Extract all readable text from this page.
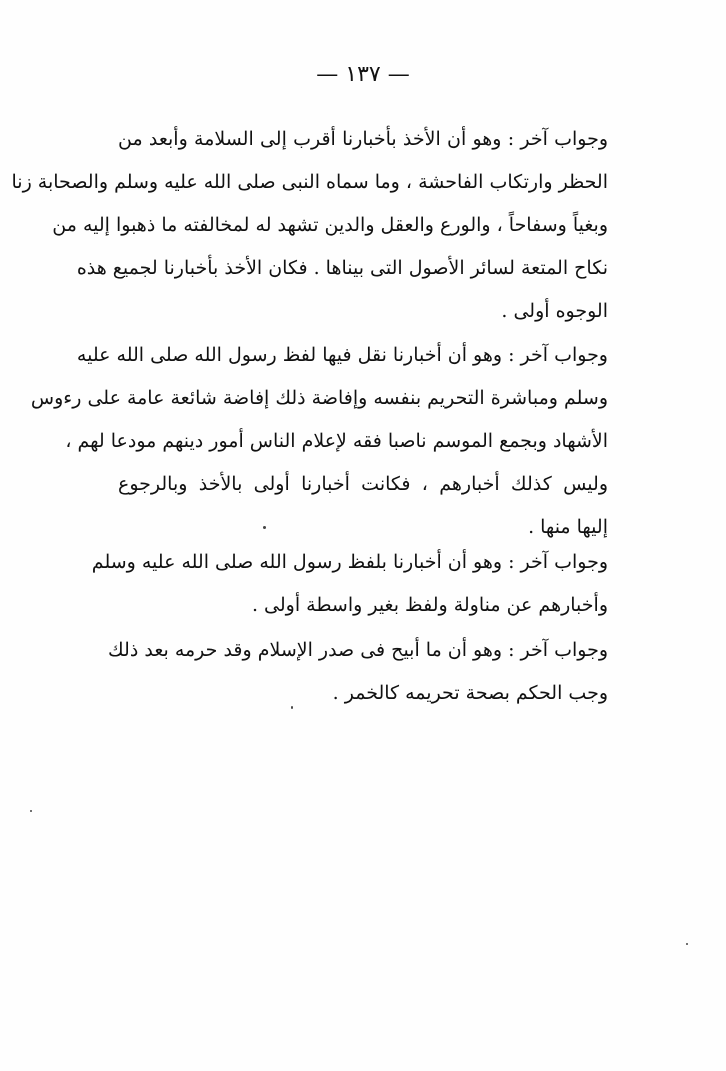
— ١٣٧ —
وجواب آخر : وهو أن الأخذ بأخبارنا أقرب إلى السلامة وأبعد من
الحظر وارتكاب الفاحشة ، وما سماه النبى صلى الله عليه وسلم والصحابة زنا
وبغياً وسفاحاً ، والورع والعقل والدين تشهد له لمخالفته ما ذهبوا إليه من
نكاح المتعة لسائر الأصول التى بيناها . فكان الأخذ بأخبارنا لجميع هذه
الوجوه أولى .
وجواب آخر : وهو أن أخبارنا نقل فيها لفظ رسول الله صلى الله عليه
وسلم ومباشرة التحريم بنفسه وإفاضة ذلك إفاضة شائعة عامة على رءوس
الأشهاد وبجمع الموسم ناصبا فقه لإعلام الناس أمور دينهم مودعا لهم ،
وليس كذلك أخبارهم ، فكانت أخبارنا أولى بالأخذ وبالرجوع
إليها منها .
وجواب آخر : وهو أن أخبارنا بلفظ رسول الله صلى الله عليه وسلم
وأخبارهم عن مناولة ولفظ بغير واسطة أولى .
وجواب آخر : وهو أن ما أبيح فى صدر الإسلام وقد حرمه بعد ذلك
وجب الحكم بصحة تحريمه كالخمر .
